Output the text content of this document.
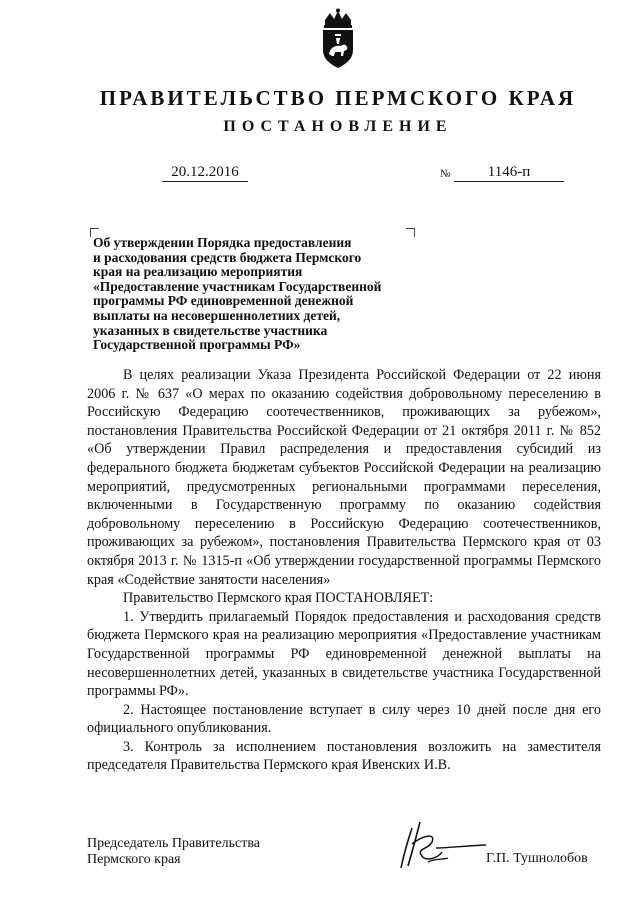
ПРАВИТЕЛЬСТВО ПЕРМСКОГО КРАЯ
ПОСТАНОВЛЕНИЕ
20.12.2016	№	1146-п
Об утверждении Порядка предоставления
и расходования средств бюджета Пермского
края на реализацию мероприятия
«Предоставление участникам Государственной
программы РФ единовременной денежной
выплаты на несовершеннолетних детей,
указанных в свидетельстве участника
Государственной программы РФ»

В целях реализации Указа Президента Российской Федерации от 22 июня 2006 г. № 637 «О мерах по оказанию содействия добровольному переселению в Российскую Федерацию соотечественников, проживающих за рубежом», постановления Правительства Российской Федерации от 21 октября 2011 г. № 852 «Об утверждении Правил распределения и предоставления субсидий из федерального бюджета бюджетам субъектов Российской Федерации на реализацию мероприятий, предусмотренных региональными программами переселения, включенными в Государственную программу по оказанию содействия добровольному переселению в Российскую Федерацию соотечественников, проживающих за рубежом», постановления Правительства Пермского края от 03 октября 2013 г. № 1315-п «Об утверждении государственной программы Пермского края «Содействие занятости населения»

Правительство Пермского края ПОСТАНОВЛЯЕТ:

1. Утвердить прилагаемый Порядок предоставления и расходования средств бюджета Пермского края на реализацию мероприятия «Предоставление участникам Государственной программы РФ единовременной денежной выплаты на несовершеннолетних детей, указанных в свидетельстве участника Государственной программы РФ».

2. Настоящее постановление вступает в силу через 10 дней после дня его официального опубликования.

3. Контроль за исполнением постановления возложить на заместителя председателя Правительства Пермского края Ивенских И.В.

Председатель Правительства
Пермского края	Г.П. Тушнолобов
